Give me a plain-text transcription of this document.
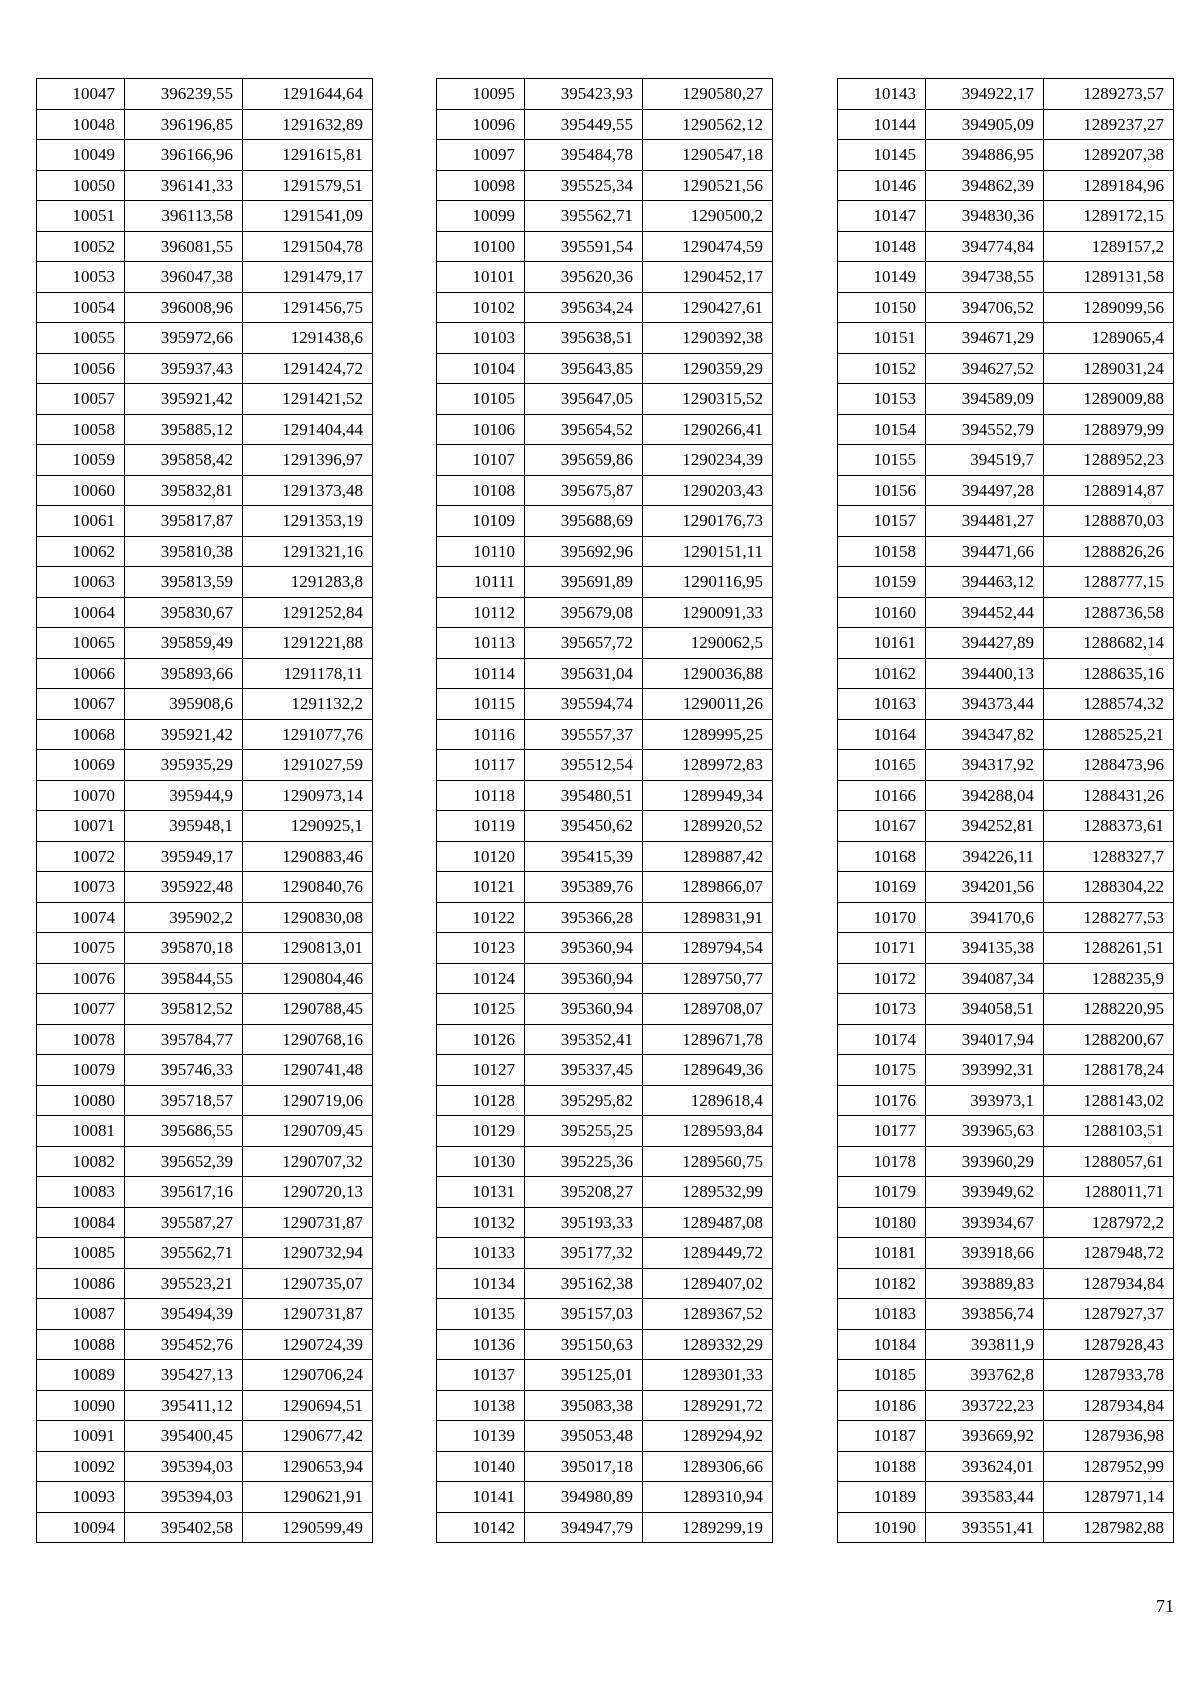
10047	396239,55	1291644,64
10048	396196,85	1291632,89
10049	396166,96	1291615,81
10050	396141,33	1291579,51
10051	396113,58	1291541,09
10052	396081,55	1291504,78
10053	396047,38	1291479,17
10054	396008,96	1291456,75
10055	395972,66	1291438,6
10056	395937,43	1291424,72
10057	395921,42	1291421,52
10058	395885,12	1291404,44
10059	395858,42	1291396,97
10060	395832,81	1291373,48
10061	395817,87	1291353,19
10062	395810,38	1291321,16
10063	395813,59	1291283,8
10064	395830,67	1291252,84
10065	395859,49	1291221,88
10066	395893,66	1291178,11
10067	395908,6	1291132,2
10068	395921,42	1291077,76
10069	395935,29	1291027,59
10070	395944,9	1290973,14
10071	395948,1	1290925,1
10072	395949,17	1290883,46
10073	395922,48	1290840,76
10074	395902,2	1290830,08
10075	395870,18	1290813,01
10076	395844,55	1290804,46
10077	395812,52	1290788,45
10078	395784,77	1290768,16
10079	395746,33	1290741,48
10080	395718,57	1290719,06
10081	395686,55	1290709,45
10082	395652,39	1290707,32
10083	395617,16	1290720,13
10084	395587,27	1290731,87
10085	395562,71	1290732,94
10086	395523,21	1290735,07
10087	395494,39	1290731,87
10088	395452,76	1290724,39
10089	395427,13	1290706,24
10090	395411,12	1290694,51
10091	395400,45	1290677,42
10092	395394,03	1290653,94
10093	395394,03	1290621,91
10094	395402,58	1290599,49
10095	395423,93	1290580,27
10096	395449,55	1290562,12
10097	395484,78	1290547,18
10098	395525,34	1290521,56
10099	395562,71	1290500,2
10100	395591,54	1290474,59
10101	395620,36	1290452,17
10102	395634,24	1290427,61
10103	395638,51	1290392,38
10104	395643,85	1290359,29
10105	395647,05	1290315,52
10106	395654,52	1290266,41
10107	395659,86	1290234,39
10108	395675,87	1290203,43
10109	395688,69	1290176,73
10110	395692,96	1290151,11
10111	395691,89	1290116,95
10112	395679,08	1290091,33
10113	395657,72	1290062,5
10114	395631,04	1290036,88
10115	395594,74	1290011,26
10116	395557,37	1289995,25
10117	395512,54	1289972,83
10118	395480,51	1289949,34
10119	395450,62	1289920,52
10120	395415,39	1289887,42
10121	395389,76	1289866,07
10122	395366,28	1289831,91
10123	395360,94	1289794,54
10124	395360,94	1289750,77
10125	395360,94	1289708,07
10126	395352,41	1289671,78
10127	395337,45	1289649,36
10128	395295,82	1289618,4
10129	395255,25	1289593,84
10130	395225,36	1289560,75
10131	395208,27	1289532,99
10132	395193,33	1289487,08
10133	395177,32	1289449,72
10134	395162,38	1289407,02
10135	395157,03	1289367,52
10136	395150,63	1289332,29
10137	395125,01	1289301,33
10138	395083,38	1289291,72
10139	395053,48	1289294,92
10140	395017,18	1289306,66
10141	394980,89	1289310,94
10142	394947,79	1289299,19
10143	394922,17	1289273,57
10144	394905,09	1289237,27
10145	394886,95	1289207,38
10146	394862,39	1289184,96
10147	394830,36	1289172,15
10148	394774,84	1289157,2
10149	394738,55	1289131,58
10150	394706,52	1289099,56
10151	394671,29	1289065,4
10152	394627,52	1289031,24
10153	394589,09	1289009,88
10154	394552,79	1288979,99
10155	394519,7	1288952,23
10156	394497,28	1288914,87
10157	394481,27	1288870,03
10158	394471,66	1288826,26
10159	394463,12	1288777,15
10160	394452,44	1288736,58
10161	394427,89	1288682,14
10162	394400,13	1288635,16
10163	394373,44	1288574,32
10164	394347,82	1288525,21
10165	394317,92	1288473,96
10166	394288,04	1288431,26
10167	394252,81	1288373,61
10168	394226,11	1288327,7
10169	394201,56	1288304,22
10170	394170,6	1288277,53
10171	394135,38	1288261,51
10172	394087,34	1288235,9
10173	394058,51	1288220,95
10174	394017,94	1288200,67
10175	393992,31	1288178,24
10176	393973,1	1288143,02
10177	393965,63	1288103,51
10178	393960,29	1288057,61
10179	393949,62	1288011,71
10180	393934,67	1287972,2
10181	393918,66	1287948,72
10182	393889,83	1287934,84
10183	393856,74	1287927,37
10184	393811,9	1287928,43
10185	393762,8	1287933,78
10186	393722,23	1287934,84
10187	393669,92	1287936,98
10188	393624,01	1287952,99
10189	393583,44	1287971,14
10190	393551,41	1287982,88
71
